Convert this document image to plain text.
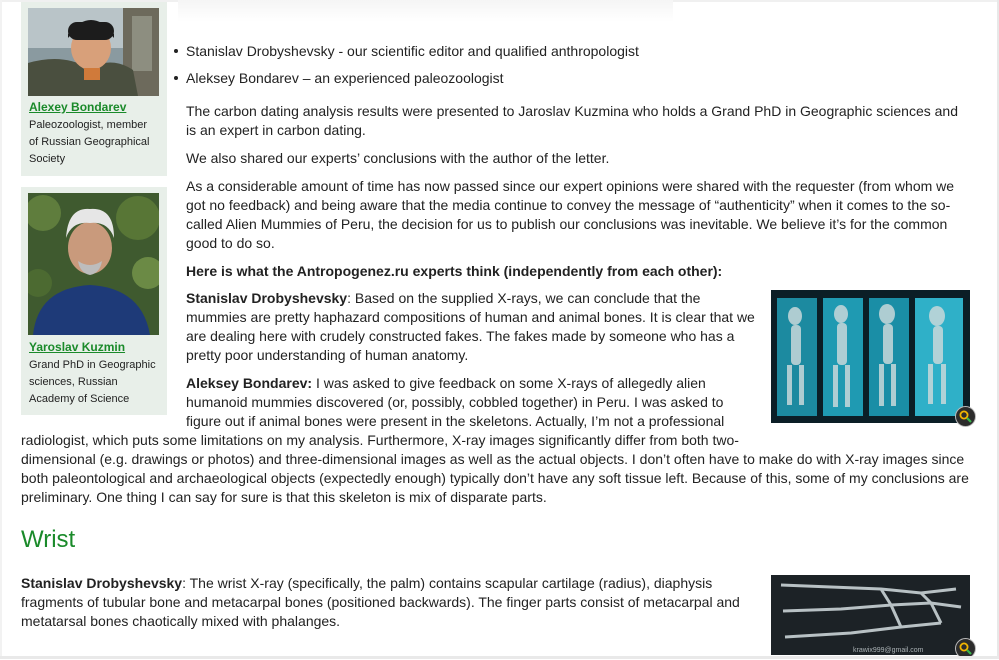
Alexey Bondarev
Paleozoologist, member
of Russian Geographical
Society
Yaroslav Kuzmin
Grand PhD in Geographic
sciences, Russian
Academy of Science
Stanislav Drobyshevsky - our scientific editor and qualified anthropologist
Aleksey Bondarev – an experienced paleozoologist
The carbon dating analysis results were presented to Jaroslav Kuzmina who holds a Grand PhD in Geographic sciences and
is an expert in carbon dating.
We also shared our experts’ conclusions with the author of the letter.
As a considerable amount of time has now passed since our expert opinions were shared with the requester (from whom we
got no feedback) and being aware that the media continue to convey the message of “authenticity” when it comes to the so-
called Alien Mummies of Peru, the decision for us to publish our conclusions was inevitable. We believe it’s for the common
good to do so.
Here is what the Antropogenez.ru experts think (independently from each other):
Stanislav Drobyshevsky: Based on the supplied X-rays, we can conclude that the
mummies are pretty haphazard compositions of human and animal bones. It is clear that we
are dealing here with crudely constructed fakes. The fakes made by someone who has a
pretty poor understanding of human anatomy.
Aleksey Bondarev: I was asked to give feedback on some X-rays of allegedly alien
humanoid mummies discovered (or, possibly, cobbled together) in Peru. I was asked to
figure out if animal bones were present in the skeletons. Actually, I’m not a professional
radiologist, which puts some limitations on my analysis. Furthermore, X-ray images significantly differ from both two-
dimensional (e.g. drawings or photos) and three-dimensional images as well as the actual objects. I don’t often have to make do with X-ray images since
both paleontological and archaeological objects (expectedly enough) typically don’t have any soft tissue left. Because of this, some of my conclusions are
preliminary. One thing I can say for sure is that this skeleton is mix of disparate parts.
Wrist
Stanislav Drobyshevsky: The wrist X-ray (specifically, the palm) contains scapular cartilage (radius), diaphysis
fragments of tubular bone and metacarpal bones (positioned backwards). The finger parts consist of metacarpal and
metatarsal bones chaotically mixed with phalanges.
krawix999@gmail.com
